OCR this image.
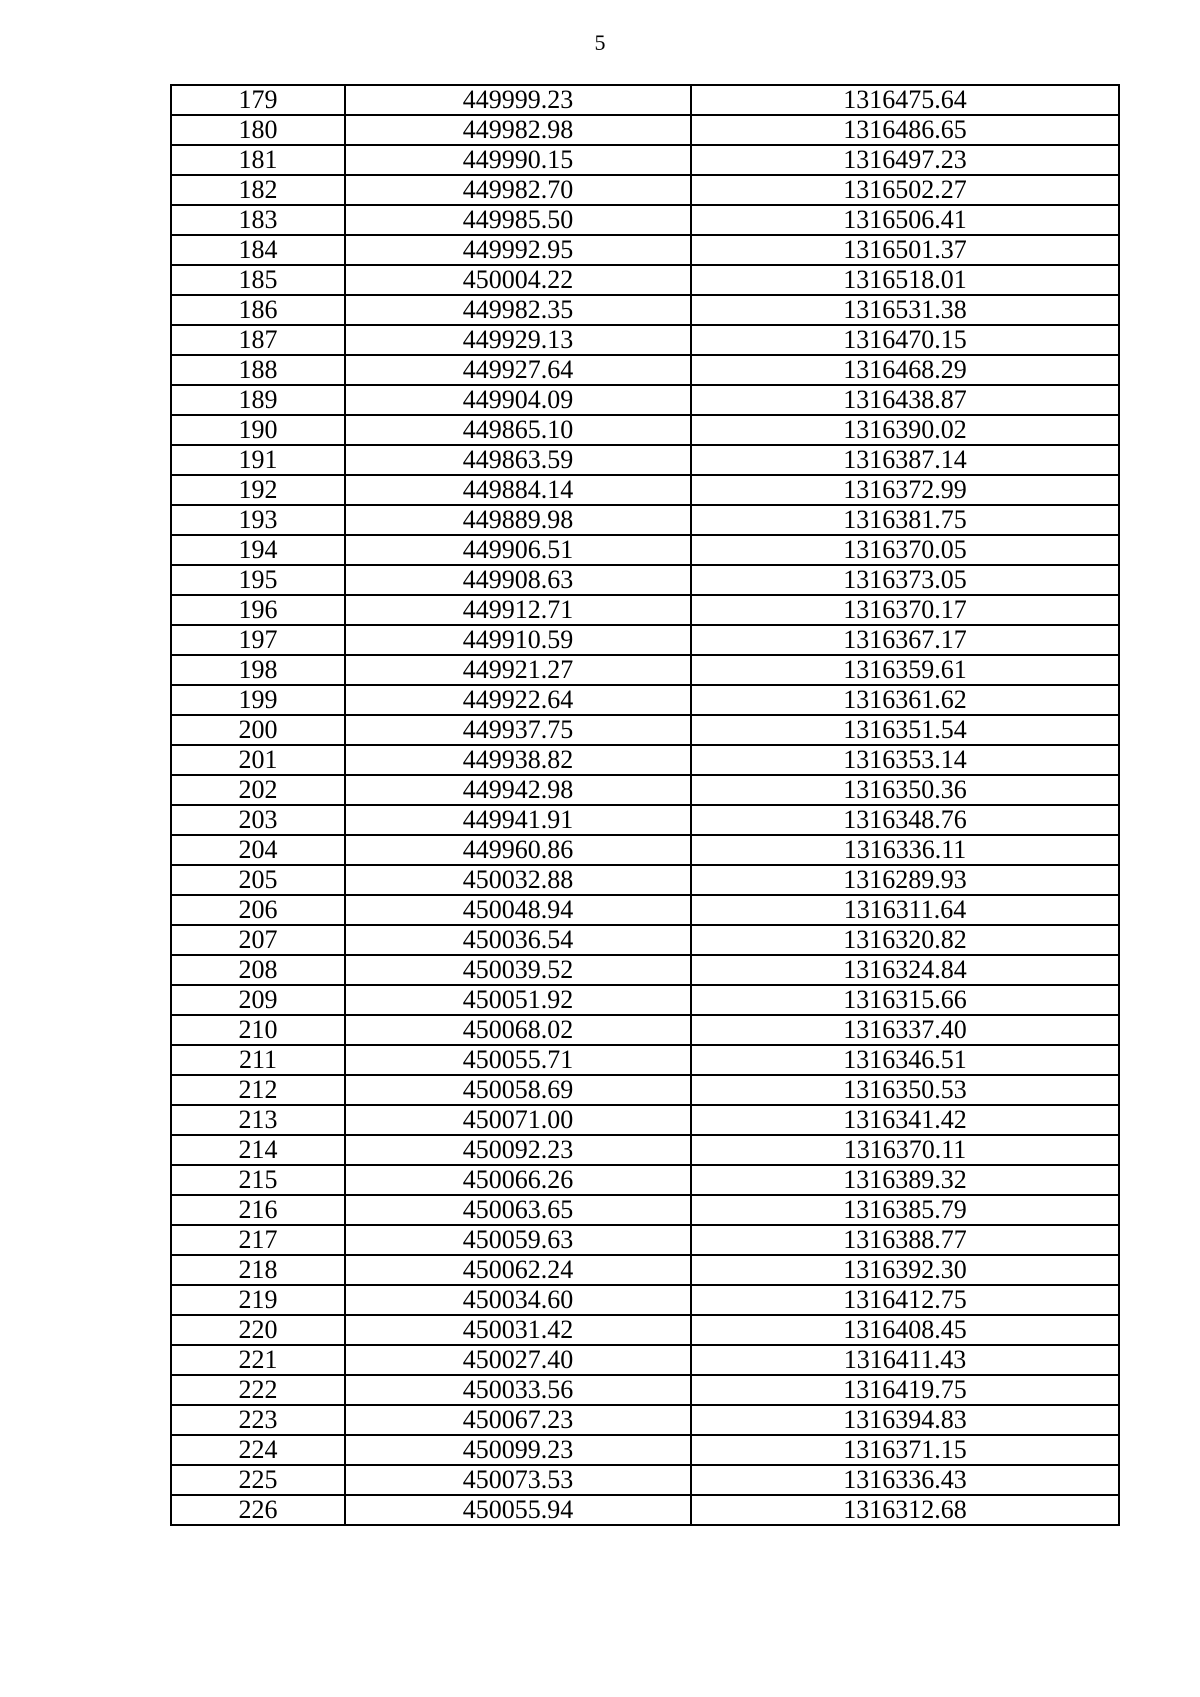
5
179	449999.23	1316475.64
180	449982.98	1316486.65
181	449990.15	1316497.23
182	449982.70	1316502.27
183	449985.50	1316506.41
184	449992.95	1316501.37
185	450004.22	1316518.01
186	449982.35	1316531.38
187	449929.13	1316470.15
188	449927.64	1316468.29
189	449904.09	1316438.87
190	449865.10	1316390.02
191	449863.59	1316387.14
192	449884.14	1316372.99
193	449889.98	1316381.75
194	449906.51	1316370.05
195	449908.63	1316373.05
196	449912.71	1316370.17
197	449910.59	1316367.17
198	449921.27	1316359.61
199	449922.64	1316361.62
200	449937.75	1316351.54
201	449938.82	1316353.14
202	449942.98	1316350.36
203	449941.91	1316348.76
204	449960.86	1316336.11
205	450032.88	1316289.93
206	450048.94	1316311.64
207	450036.54	1316320.82
208	450039.52	1316324.84
209	450051.92	1316315.66
210	450068.02	1316337.40
211	450055.71	1316346.51
212	450058.69	1316350.53
213	450071.00	1316341.42
214	450092.23	1316370.11
215	450066.26	1316389.32
216	450063.65	1316385.79
217	450059.63	1316388.77
218	450062.24	1316392.30
219	450034.60	1316412.75
220	450031.42	1316408.45
221	450027.40	1316411.43
222	450033.56	1316419.75
223	450067.23	1316394.83
224	450099.23	1316371.15
225	450073.53	1316336.43
226	450055.94	1316312.68
